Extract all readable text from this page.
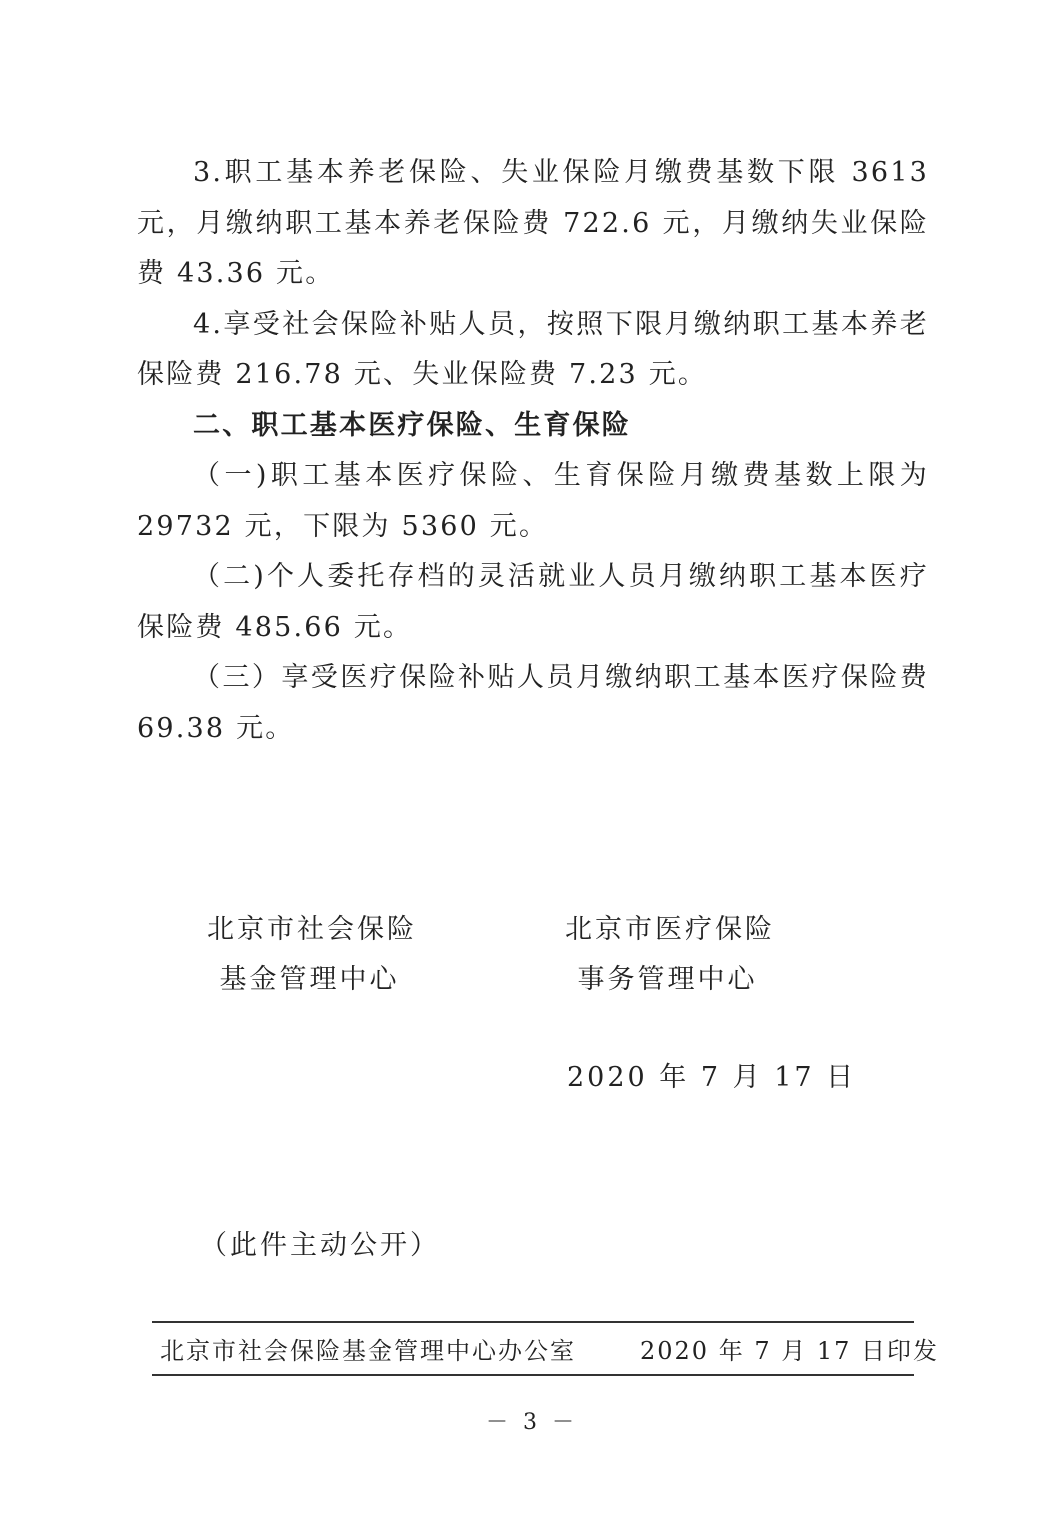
3.职工基本养老保险、失业保险月缴费基数下限 3613 元，月缴纳职工基本养老保险费 722.6 元，月缴纳失业保险费 43.36 元。

4.享受社会保险补贴人员，按照下限月缴纳职工基本养老保险费 216.78 元、失业保险费 7.23 元。

二、职工基本医疗保险、生育保险

（一)职工基本医疗保险、生育保险月缴费基数上限为 29732 元，下限为 5360 元。

（二)个人委托存档的灵活就业人员月缴纳职工基本医疗保险费 485.66 元。

（三）享受医疗保险补贴人员月缴纳职工基本医疗保险费 69.38 元。

北京市社会保险
基金管理中心
北京市医疗保险
事务管理中心
2020 年 7 月 17 日
（此件主动公开）
北京市社会保险基金管理中心办公室	2020 年 7 月 17 日印发
－ 3 －
